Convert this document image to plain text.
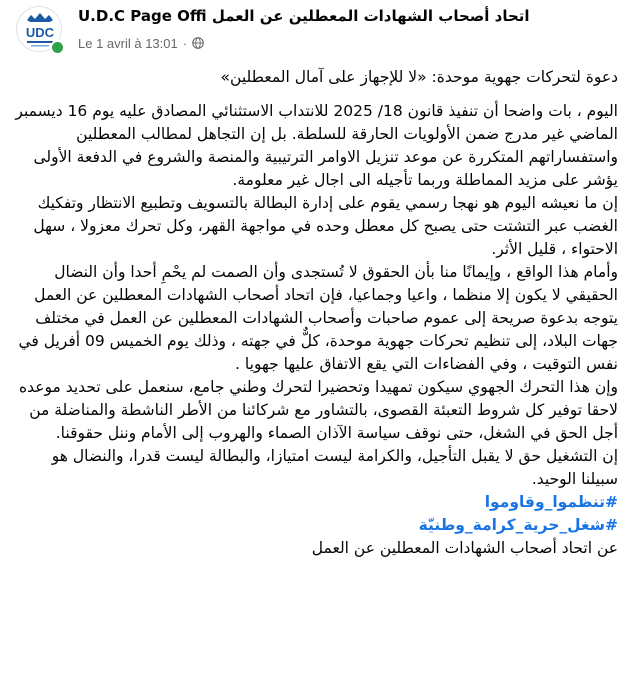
UDC
U.D.C Page Offi اتحاد أصحاب الشهادات المعطلين عن العمل
Le 1 avril à 13:01 ·

دعوة لتحركات جهوية موحدة: «لا للإجهاز على آمال المعطلين»

اليوم ، بات واضحا أن تنفيذ قانون 18/ 2025 للانتداب الاستثنائي المصادق عليه يوم 16 ديسمبر الماضي غير مدرج ضمن الأولويات الحارقة للسلطة. بل إن التجاهل لمطالب المعطلين واستفساراتهم المتكررة عن موعد تنزيل الاوامر الترتيبية والمنصة والشروع في الدفعة الأولى يؤشر على مزيد المماطلة وربما تأجيله الى اجال غير معلومة.

إن ما نعيشه اليوم هو نهجا رسمي يقوم على إدارة البطالة بالتسويف وتطبيع الانتظار وتفكيك الغضب عبر التشتت حتى يصبح كل معطل وحده في مواجهة القهر، وكل تحرك معزولا ، سهل الاحتواء ، قليل الأثر.

وأمام هذا الواقع ، وإيمانًا منا بأن الحقوق لا تُستجدى وأن الصمت لم يحْمِ أحدا وأن النضال الحقيقي لا يكون إلا منظما ، واعيا وجماعيا، فإن اتحاد أصحاب الشهادات المعطلين عن العمل يتوجه بدعوة صريحة إلى عموم صاحبات وأصحاب الشهادات المعطلين عن العمل في مختلف جهات البلاد، إلى تنظيم تحركات جهوية موحدة، كلٌّ في جهته ، وذلك يوم الخميس 09 أفريل في نفس التوقيت ، وفي الفضاءات التي يقع الاتفاق عليها جهويا .

وإن هذا التحرك الجهوي سيكون تمهيدا وتحضيرا لتحرك وطني جامع، سنعمل على تحديد موعده لاحقا توفير كل شروط التعبئة القصوى، بالتشاور مع شركائنا من الأطر الناشطة والمناضلة من أجل الحق في الشغل، حتى نوقف سياسة الآذان الصماء والهروب إلى الأمام وننل حقوقنا.

إن التشغيل حق لا يقبل التأجيل، والكرامة ليست امتيازا، والبطالة ليست قدرا، والنضال هو سبيلنا الوحيد.

#تنظموا_وقاوموا
#شغل_حرية_كرامة_وطنيّة

عن اتحاد أصحاب الشهادات المعطلين عن العمل
